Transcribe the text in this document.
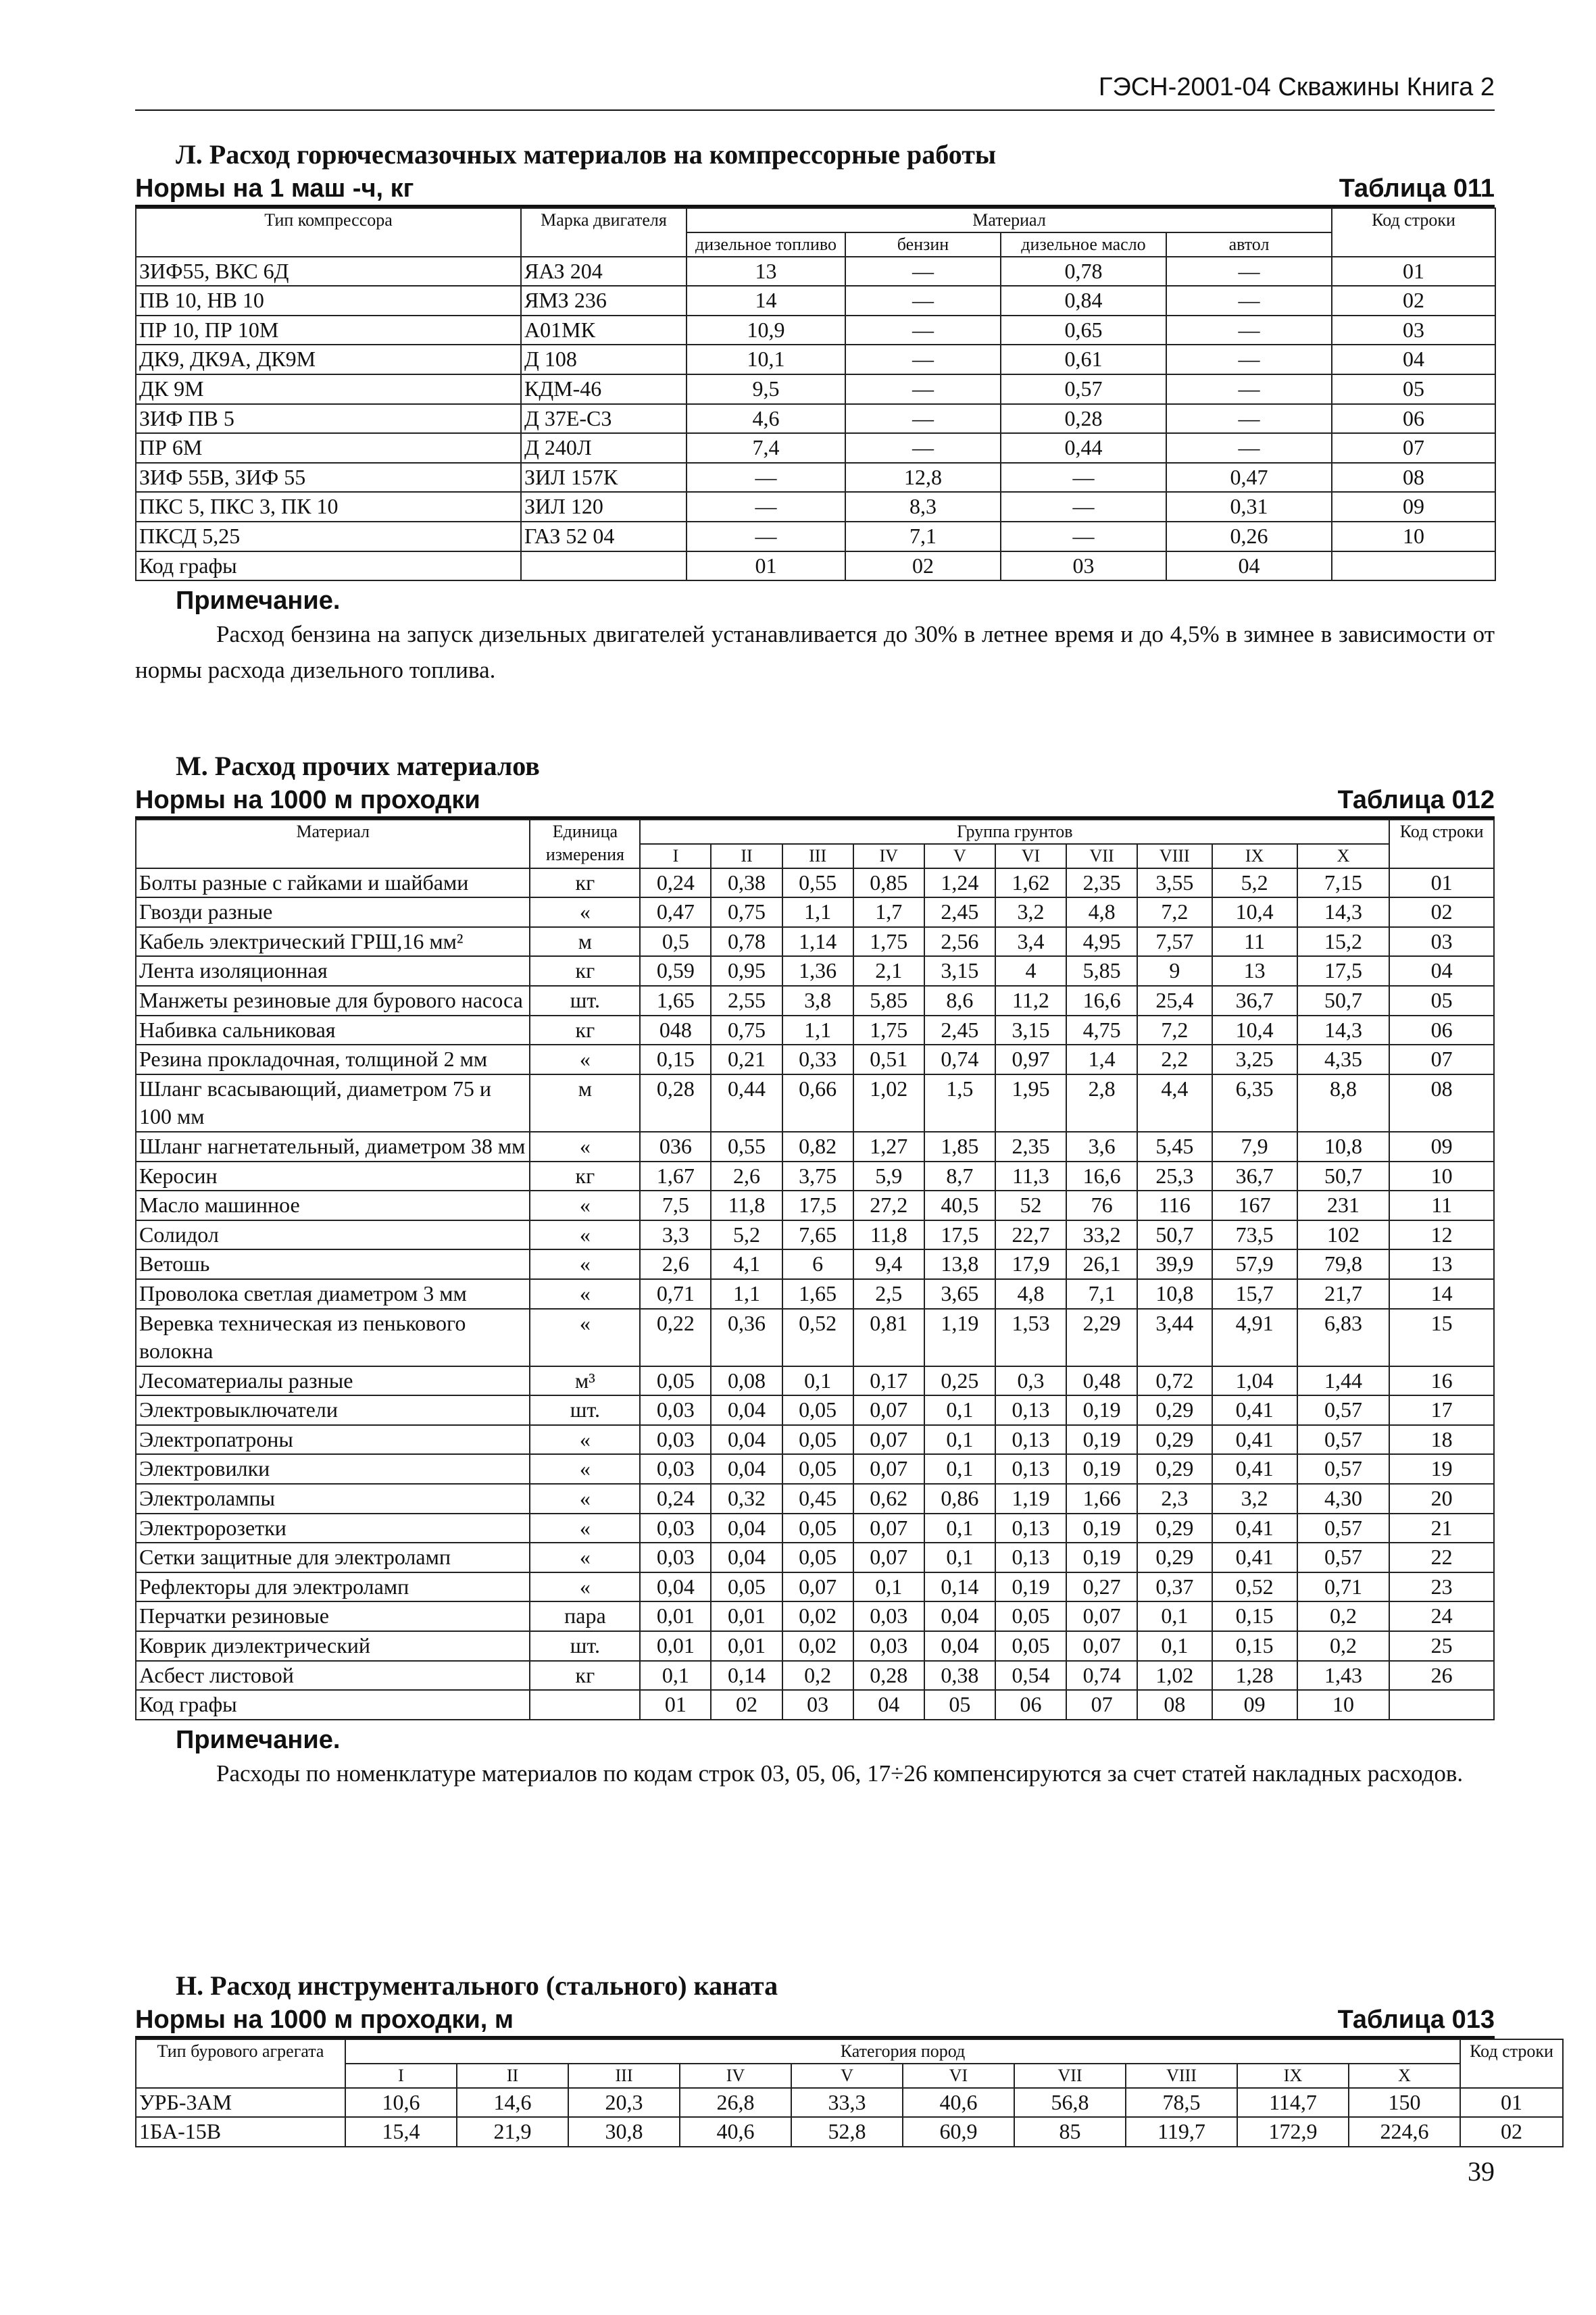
ГЭСН-2001-04 Скважины Книга 2
Л. Расход горючесмазочных материалов на компрессорные работы
Нормы на 1 маш -ч, кг	Таблица 011
Тип компрессора	Марка двигателя	Материал				Код строки
		дизельное топливо	бензин	дизельное масло	автол	
ЗИФ55, ВКС 6Д	ЯАЗ 204	13	—	0,78	—	01
ПВ 10, НВ 10	ЯМЗ 236	14	—	0,84	—	02
ПР 10, ПР 10М	А01МК	10,9	—	0,65	—	03
ДК9, ДК9А, ДК9М	Д 108	10,1	—	0,61	—	04
ДК 9М	КДМ-46	9,5	—	0,57	—	05
ЗИФ ПВ 5	Д 37Е-С3	4,6	—	0,28	—	06
ПР 6М	Д 240Л	7,4	—	0,44	—	07
ЗИФ 55В, ЗИФ 55	ЗИЛ 157К	—	12,8	—	0,47	08
ПКС 5, ПКС 3, ПК 10	ЗИЛ 120	—	8,3	—	0,31	09
ПКСД 5,25	ГАЗ 52 04	—	7,1	—	0,26	10
Код графы		01	02	03	04	
Примечание.

Расход бензина на запуск дизельных двигателей устанавливается до 30% в летнее время и до 4,5% в зимнее в зависимости от нормы расхода дизельного топлива.

М. Расход прочих материалов
Нормы на 1000 м проходки	Таблица 012
Материал	Единица измерения	Группа грунтов										Код строки
		I	II	III	IV	V	VI	VII	VIII	IX	X	
Болты разные с гайками и шайбами	кг	0,24	0,38	0,55	0,85	1,24	1,62	2,35	3,55	5,2	7,15	01
Гвозди разные	«	0,47	0,75	1,1	1,7	2,45	3,2	4,8	7,2	10,4	14,3	02
Кабель электрический ГРШ,16 мм²	м	0,5	0,78	1,14	1,75	2,56	3,4	4,95	7,57	11	15,2	03
Лента изоляционная	кг	0,59	0,95	1,36	2,1	3,15	4	5,85	9	13	17,5	04
Манжеты резиновые для бурового насоса	шт.	1,65	2,55	3,8	5,85	8,6	11,2	16,6	25,4	36,7	50,7	05
Набивка сальниковая	кг	048	0,75	1,1	1,75	2,45	3,15	4,75	7,2	10,4	14,3	06
Резина прокладочная, толщиной 2 мм	«	0,15	0,21	0,33	0,51	0,74	0,97	1,4	2,2	3,25	4,35	07
Шланг всасывающий, диаметром 75 и 100 мм	м	0,28	0,44	0,66	1,02	1,5	1,95	2,8	4,4	6,35	8,8	08
Шланг нагнетательный, диаметром 38 мм	«	036	0,55	0,82	1,27	1,85	2,35	3,6	5,45	7,9	10,8	09
Керосин	кг	1,67	2,6	3,75	5,9	8,7	11,3	16,6	25,3	36,7	50,7	10
Масло машинное	«	7,5	11,8	17,5	27,2	40,5	52	76	116	167	231	11
Солидол	«	3,3	5,2	7,65	11,8	17,5	22,7	33,2	50,7	73,5	102	12
Ветошь	«	2,6	4,1	6	9,4	13,8	17,9	26,1	39,9	57,9	79,8	13
Проволока светлая диаметром 3 мм	«	0,71	1,1	1,65	2,5	3,65	4,8	7,1	10,8	15,7	21,7	14
Веревка техническая из пенькового волокна	«	0,22	0,36	0,52	0,81	1,19	1,53	2,29	3,44	4,91	6,83	15
Лесоматериалы разные	м³	0,05	0,08	0,1	0,17	0,25	0,3	0,48	0,72	1,04	1,44	16
Электровыключатели	шт.	0,03	0,04	0,05	0,07	0,1	0,13	0,19	0,29	0,41	0,57	17
Электропатроны	«	0,03	0,04	0,05	0,07	0,1	0,13	0,19	0,29	0,41	0,57	18
Электровилки	«	0,03	0,04	0,05	0,07	0,1	0,13	0,19	0,29	0,41	0,57	19
Электролампы	«	0,24	0,32	0,45	0,62	0,86	1,19	1,66	2,3	3,2	4,30	20
Электророзетки	«	0,03	0,04	0,05	0,07	0,1	0,13	0,19	0,29	0,41	0,57	21
Сетки защитные для электроламп	«	0,03	0,04	0,05	0,07	0,1	0,13	0,19	0,29	0,41	0,57	22
Рефлекторы для электроламп	«	0,04	0,05	0,07	0,1	0,14	0,19	0,27	0,37	0,52	0,71	23
Перчатки резиновые	пара	0,01	0,01	0,02	0,03	0,04	0,05	0,07	0,1	0,15	0,2	24
Коврик диэлектрический	шт.	0,01	0,01	0,02	0,03	0,04	0,05	0,07	0,1	0,15	0,2	25
Асбест листовой	кг	0,1	0,14	0,2	0,28	0,38	0,54	0,74	1,02	1,28	1,43	26
Код графы		01	02	03	04	05	06	07	08	09	10	
Примечание.

Расходы по номенклатуре материалов по кодам строк 03, 05, 06, 17÷26 компенсируются за счет статей накладных расходов.

Н. Расход инструментального (стального) каната
Нормы на 1000 м проходки, м	Таблица 013
Тип бурового агрегата	Категория пород										Код строки
	I	II	III	IV	V	VI	VII	VIII	IX	X	
УРБ-3АМ	10,6	14,6	20,3	26,8	33,3	40,6	56,8	78,5	114,7	150	01
1БА-15В	15,4	21,9	30,8	40,6	52,8	60,9	85	119,7	172,9	224,6	02
39
